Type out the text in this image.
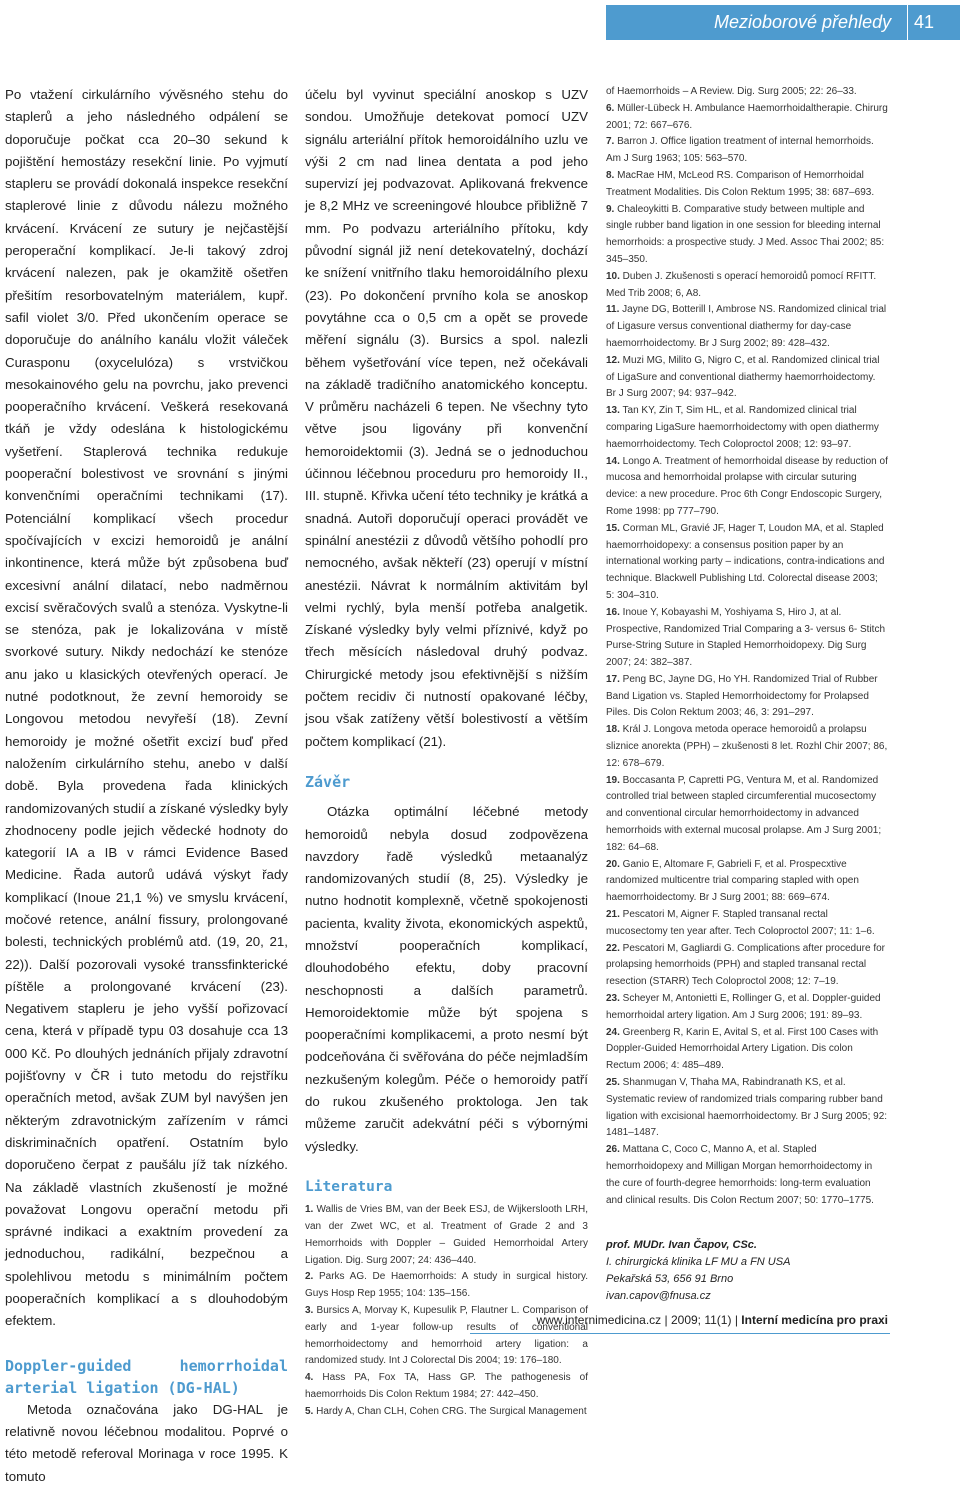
Mezioborové přehledy 41

Po vtažení cirkulárního vývěsného stehu do staplerů a jeho následného odpálení se doporučuje počkat cca 20–30 sekund k pojištění hemostázy resekční linie. Po vyjmutí stapleru se provádí dokonalá inspekce resekční staplerové linie z důvodu nálezu možného krvácení. Krvácení ze sutury je nejčastější peroperační komplikací. Je-li takový zdroj krvácení nalezen, pak je okamžitě ošetřen přešitím resorbovatelným materiálem, kupř. safil violet 3/0. Před ukončením operace se doporučuje do análního kanálu vložit váleček Curasponu (oxycelulóza) s vrstvičkou mesokainového gelu na povrchu, jako prevenci pooperačního krvácení. Veškerá resekovaná tkáň je vždy odeslána k histologickému vyšetření. Staplerová technika redukuje pooperační bolestivost ve srovnání s jinými konvenčními operačními technikami (17). Potenciální komplikací všech procedur spočívajících v excizi hemoroidů je anální inkontinence, která může být způsobena buď excesivní anální dilatací, nebo nadměrnou excisí svěračových svalů a stenóza. Vyskytne-li se stenóza, pak je lokalizována v místě svorkové sutury. Nikdy nedochází ke stenóze anu jako u klasických otevřených operací. Je nutné podotknout, že zevní hemoroidy se Longovou metodou nevyřeší (18). Zevní hemoroidy je možné ošetřit excizí buď před naložením cirkulárního stehu, anebo v další době. Byla provedena řada klinických randomizovaných studií a získané výsledky byly zhodnoceny podle jejich vědecké hodnoty do kategorií IA a IB v rámci Evidence Based Medicine. Řada autorů udává výskyt řady komplikací (Inoue 21,1 %) ve smyslu krvácení, močové retence, anální fissury, prolongované bolesti, technických problémů atd. (19, 20, 21, 22)). Další pozorovali vysoké transsfinkterické píštěle a prolongované krvácení (23). Negativem stapleru je jeho vyšší pořizovací cena, která v případě typu 03 dosahuje cca 13 000 Kč. Po dlouhých jednáních přijaly zdravotní pojišťovny v ČR i tuto metodu do rejstříku operačních metod, avšak ZUM byl navýšen jen některým zdravotnickým zařízením v rámci diskriminačních opatření. Ostatním bylo doporučeno čerpat z paušálu jíž tak nízkého. Na základě vlastních zkušeností je možné považovat Longovu operační metodu při správné indikaci a exaktním provedení za jednoduchou, radikální, bezpečnou a spolehlivou metodu s minimálním počtem pooperačních komplikací a s dlouhodobým efektem.

Doppler-guided hemorrhoidal arterial ligation (DG-HAL)

Metoda označována jako DG-HAL je relativně novou léčebnou modalitou. Poprvé o této metodě referoval Morinaga v roce 1995. K tomuto

účelu byl vyvinut speciální anoskop s UZV sondou. Umožňuje detekovat pomocí UZV signálu arteriální přítok hemoroidálního uzlu ve výši 2 cm nad linea dentata a pod jeho supervizí jej podvazovat. Aplikovaná frekvence je 8,2 MHz ve screeningové hloubce přibližně 7 mm. Po podvazu arteriálního přítoku, kdy původní signál již není detekovatelný, dochází ke snížení vnitřního tlaku hemoroidálního plexu (23). Po dokončení prvního kola se anoskop povytáhne cca o 0,5 cm a opět se provede měření signálu (3). Bursics a spol. nalezli během vyšetřování více tepen, než očekávali na základě tradičního anatomického konceptu. V průměru nacházeli 6 tepen. Ne všechny tyto větve jsou ligovány při konvenční hemoroidektomii (3). Jedná se o jednoduchou účinnou léčebnou proceduru pro hemoroidy II., III. stupně. Křivka učení této techniky je krátká a snadná. Autoři doporučují operaci provádět ve spinální anestézii z důvodů většího pohodlí pro nemocného, avšak někteří (23) operují v místní anestézii. Návrat k normálním aktivitám byl velmi rychlý, byla menší potřeba analgetik. Získané výsledky byly velmi příznivé, když po třech měsících následoval druhý podvaz. Chirurgické metody jsou efektivnější s nižším počtem recidiv či nutností opakované léčby, jsou však zatíženy větší bolestivostí a větším počtem komplikací (21).

Závěr

Otázka optimální léčebné metody hemoroidů nebyla dosud zodpovězena navzdory řadě výsledků metaanalýz randomizovaných studií (8, 25). Výsledky je nutno hodnotit komplexně, včetně spokojenosti pacienta, kvality života, ekonomických aspektů, množství pooperačních komplikací, dlouhodobého efektu, doby pracovní neschopnosti a dalších parametrů. Hemoroidektomie může být spojena s pooperačními komplikacemi, a proto nesmí být podceňována či svěřována do péče nejmladším nezkušeným kolegům. Péče o hemoroidy patří do rukou zkušeného proktologa. Jen tak můžeme zaručit adekvátní péči s výbornými výsledky.

Literatura

1. Wallis de Vries BM, van der Beek ESJ, de Wijkerslooth LRH, van der Zwet WC, et al. Treatment of Grade 2 and 3 Hemorrhoids with Doppler – Guided Hemorrhoidal Artery Ligation. Dig. Surg 2007; 24: 436–440.

2. Parks AG. De Haemorrhoids: A study in surgical history. Guys Hosp Rep 1955; 104: 135–156.

3. Bursics A, Morvay K, Kupesulik P, Flautner L. Comparison of early and 1-year follow-up results of conventional hemorrhoidectomy and hemorrhoid artery ligation: a randomized study. Int J Colorectal Dis 2004; 19: 176–180.

4. Hass PA, Fox TA, Hass GP. The pathogenesis of haemorrhoids Dis Colon Rektum 1984; 27: 442–450.

5. Hardy A, Chan CLH, Cohen CRG. The Surgical Management

of Haemorrhoids – A Review. Dig. Surg 2005; 22: 26–33.

6. Müller-Lübeck H. Ambulance Haemorrhoidaltherapie. Chirurg 2001; 72: 667–676.

7. Barron J. Office ligation treatment of internal hemorrhoids. Am J Surg 1963; 105: 563–570.

8. MacRae HM, McLeod RS. Comparison of Hemorrhoidal Treatment Modalities. Dis Colon Rektum 1995; 38: 687–693.

9. Chaleoykitti B. Comparative study between multiple and single rubber band ligation in one session for bleeding internal hemorrhoids: a prospective study. J Med. Assoc Thai 2002; 85: 345–350.

10. Duben J. Zkušenosti s operací hemoroidů pomocí RFITT. Med Trib 2008; 6, A8.

11. Jayne DG, Botterill I, Ambrose NS. Randomized clinical trial of Ligasure versus conventional diathermy for day-case haemorrhoidectomy. Br J Surg 2002; 89: 428–432.

12. Muzi MG, Milito G, Nigro C, et al. Randomized clinical trial of LigaSure and conventional diathermy haemorrhoidectomy. Br J Surg 2007; 94: 937–942.

13. Tan KY, Zin T, Sim HL, et al. Randomized clinical trial comparing LigaSure haemorrhoidectomy with open diathermy haemorrhoidectomy. Tech Coloproctol 2008; 12: 93–97.

14. Longo A. Treatment of hemorrhoidal disease by reduction of mucosa and hemorrhoidal prolapse with circular suturing device: a new procedure. Proc 6th Congr Endoscopic Surgery, Rome 1998: pp 777–790.

15. Corman ML, Gravié JF, Hager T, Loudon MA, et al. Stapled haemorrhoidopexy: a consensus position paper by an international working party – indications, contra-indications and technique. Blackwell Publishing Ltd. Colorectal disease 2003; 5: 304–310.

16. Inoue Y, Kobayashi M, Yoshiyama S, Hiro J, at al. Prospective, Randomized Trial Comparing a 3- versus 6- Stitch Purse-String Suture in Stapled Hemorrhoidopexy. Dig Surg 2007; 24: 382–387.

17. Peng BC, Jayne DG, Ho YH. Randomized Trial of Rubber Band Ligation vs. Stapled Hemorrhoidectomy for Prolapsed Piles. Dis Colon Rektum 2003; 46, 3: 291–297.

18. Král J. Longova metoda operace hemoroidů a prolapsu sliznice anorekta (PPH) – zkušenosti 8 let. Rozhl Chir 2007; 86, 12: 678–679.

19. Boccasanta P, Capretti PG, Ventura M, et al. Randomized controlled trial between stapled circumferential mucosectomy and conventional circular hemorrhoidectomy in advanced hemorrhoids with external mucosal prolapse. Am J Surg 2001; 182: 64–68.

20. Ganio E, Altomare F, Gabrieli F, et al. Prospecxtive randomized multicentre trial comparing stapled with open haemorrhoidectomy. Br J Surg 2001; 88: 669–674.

21. Pescatori M, Aigner F. Stapled transanal rectal mucosectomy ten year after. Tech Coloproctol 2007; 11: 1–6.

22. Pescatori M, Gagliardi G. Complications after procedure for prolapsing hemorrhoids (PPH) and stapled transanal rectal resection (STARR) Tech Coloproctol 2008; 12: 7–19.

23. Scheyer M, Antonietti E, Rollinger G, et al. Doppler-guided hemorrhoidal artery ligation. Am J Surg 2006; 191: 89–93.

24. Greenberg R, Karin E, Avital S, et al. First 100 Cases with Doppler-Guided Hemorrhoidal Artery Ligation. Dis colon Rectum 2006; 4: 485–489.

25. Shanmugan V, Thaha MA, Rabindranath KS, et al. Systematic review of randomized trials comparing rubber band ligation with excisional haemorrhoidectomy. Br J Surg 2005; 92: 1481–1487.

26. Mattana C, Coco C, Manno A, et al. Stapled hemorrhoidopexy and Milligan Morgan hemorrhoidectomy in the cure of fourth-degree hemorrhoids: long-term evaluation and clinical results. Dis Colon Rectum 2007; 50: 1770–1775.

prof. MUDr. Ivan Čapov, CSc.
I. chirurgická klinika LF MU a FN USA
Pekařská 53, 656 91 Brno
ivan.capov@fnusa.cz
www.internimedicina.cz | 2009; 11(1) | Interní medicína pro praxi
